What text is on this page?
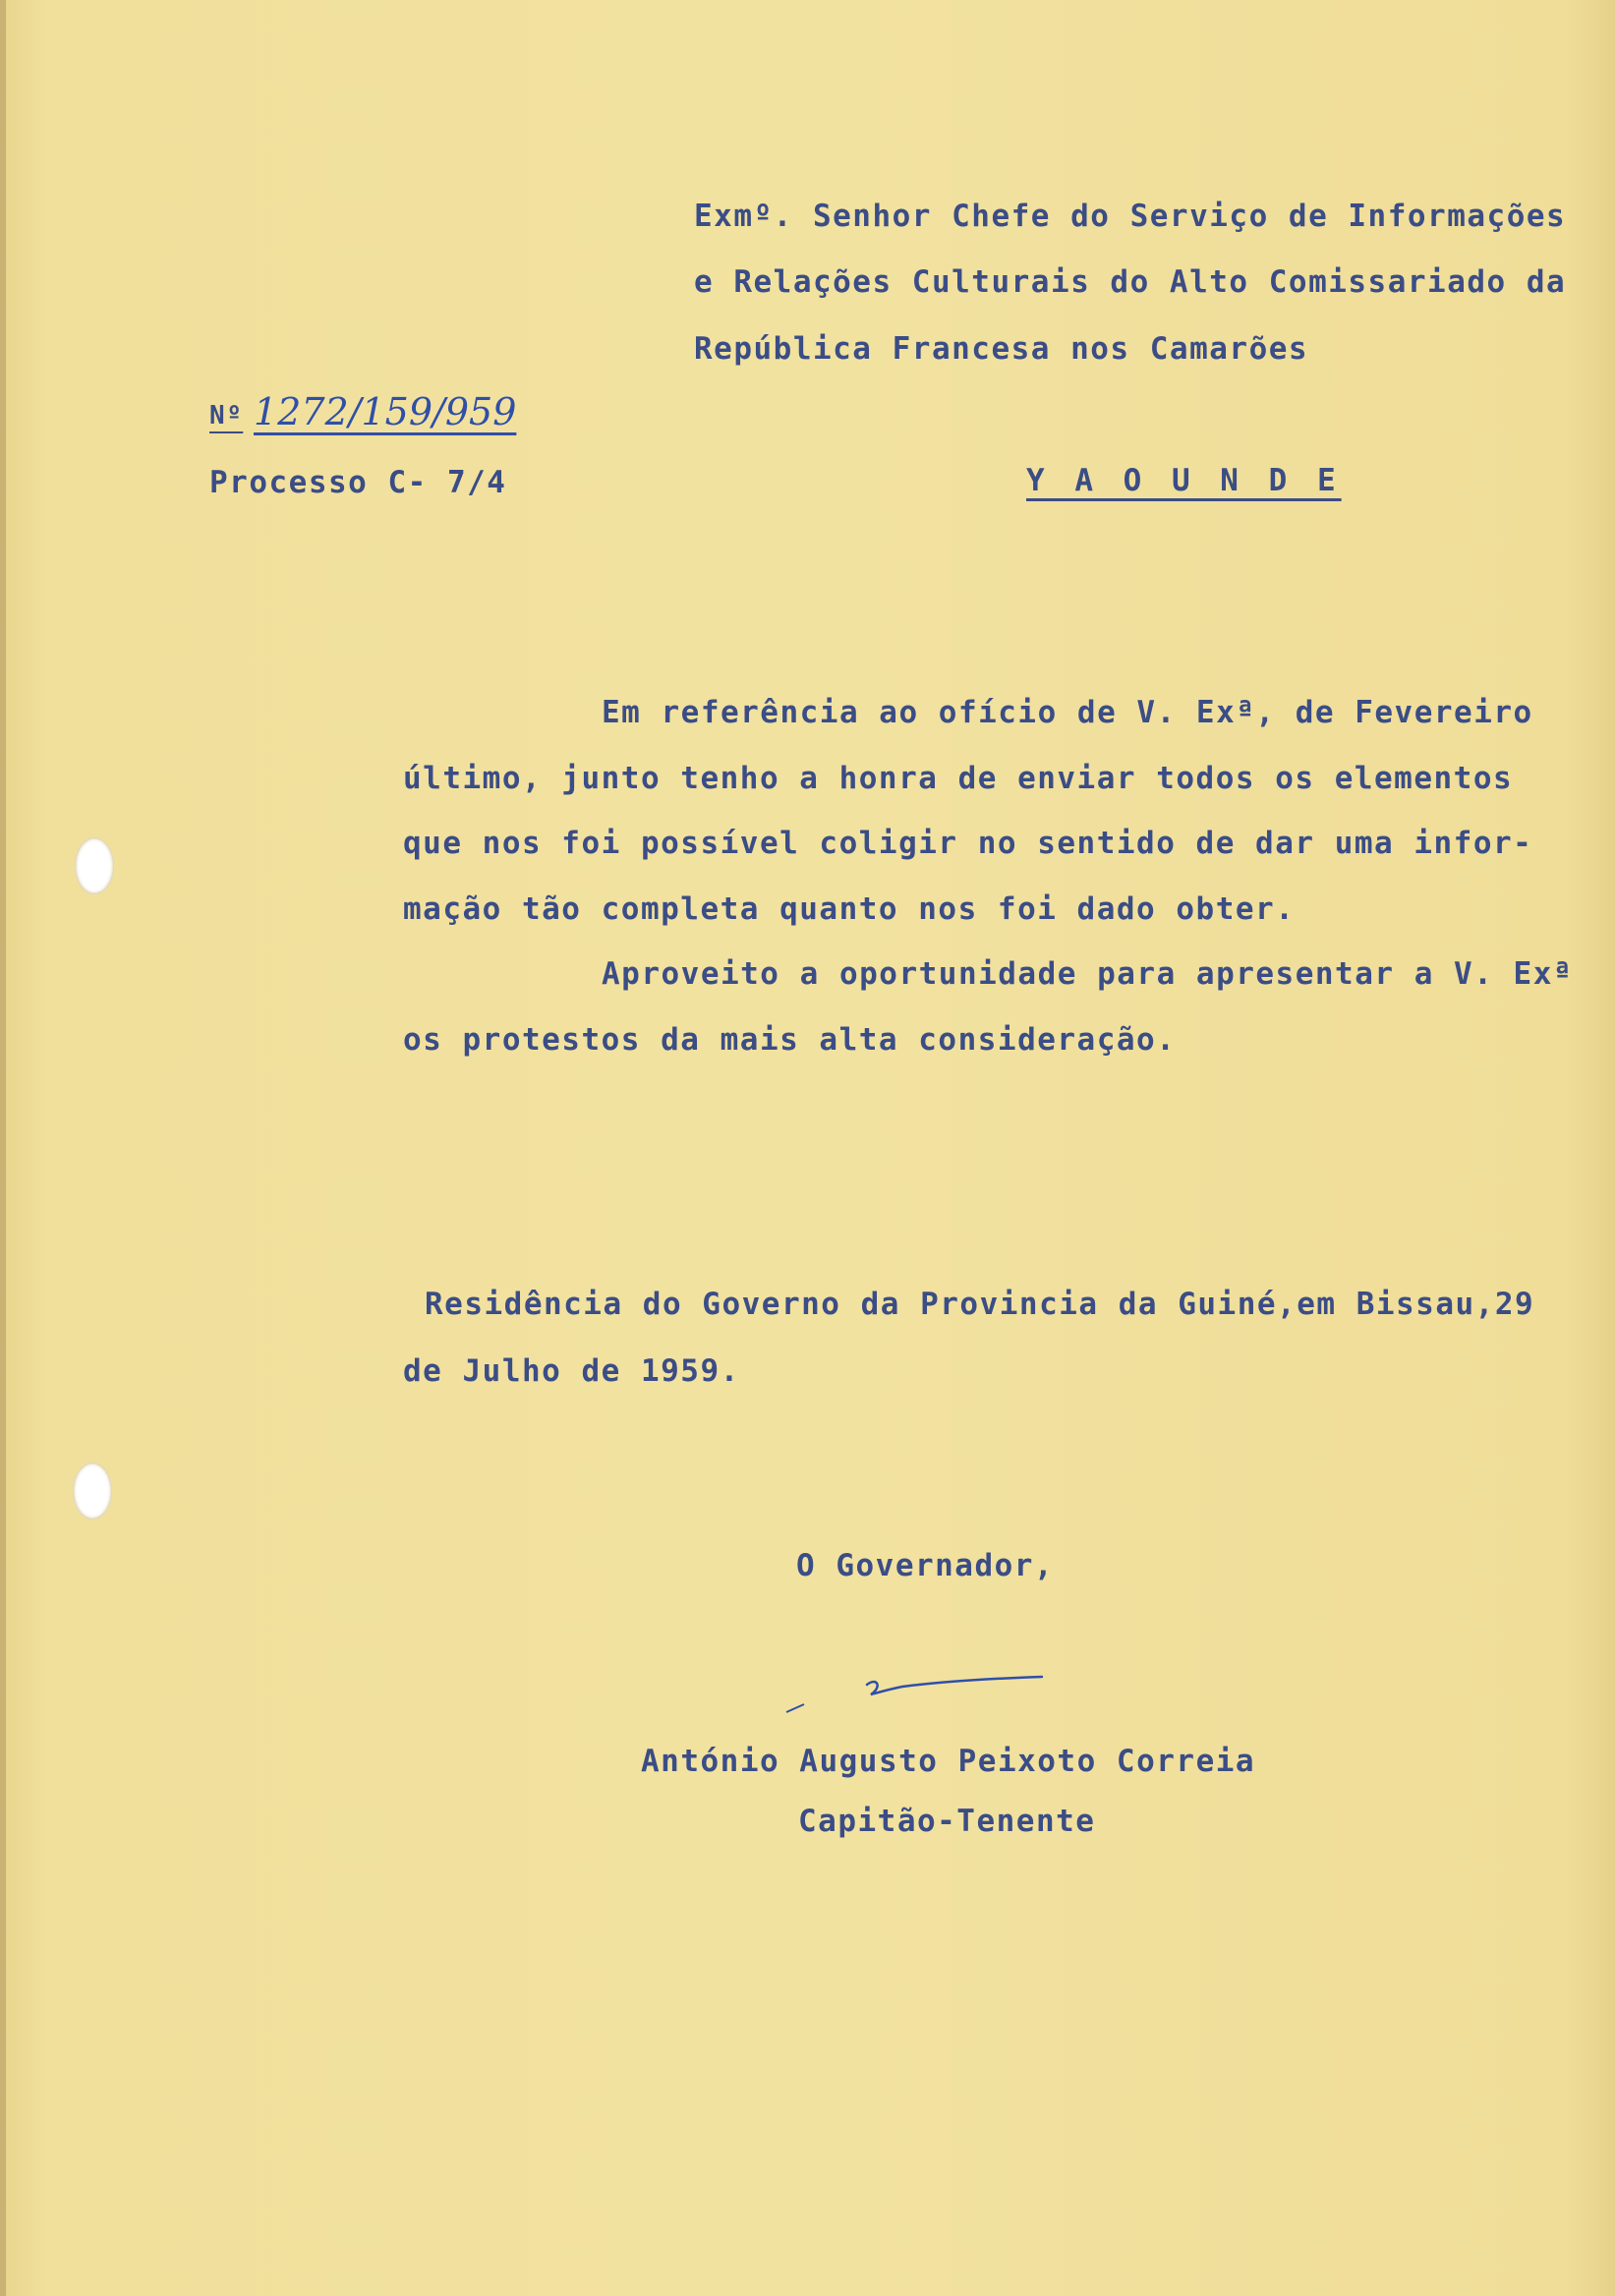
Exmº. Senhor Chefe do Serviço de Informações
e Relações Culturais do Alto Comissariado da
República Francesa nos Camarões
Nº 1272/159/959
Processo C- 7/4	Y A O U N D E
Em referência ao ofício de V. Exª, de Fevereiro
último, junto tenho a honra de enviar todos os elementos
que nos foi possível coligir no sentido de dar uma infor-
mação tão completa quanto nos foi dado obter.
Aproveito a oportunidade para apresentar a V. Exª
os protestos da mais alta consideração.
Residência do Governo da Provincia da Guiné,em Bissau,29
de Julho de 1959.
O Governador,
António Augusto Peixoto Correia
Capitão-Tenente
